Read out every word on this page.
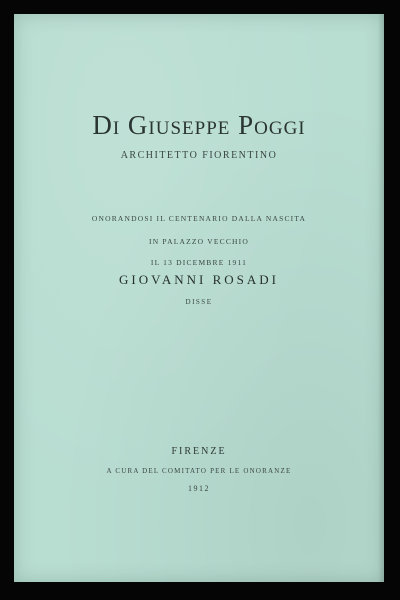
Di Giuseppe Poggi
ARCHITETTO FIORENTINO
ONORANDOSI IL CENTENARIO DALLA NASCITA
IN PALAZZO VECCHIO
IL 13 DICEMBRE 1911
GIOVANNI ROSADI
DISSE
FIRENZE
A CURA DEL COMITATO PER LE ONORANZE
1912
